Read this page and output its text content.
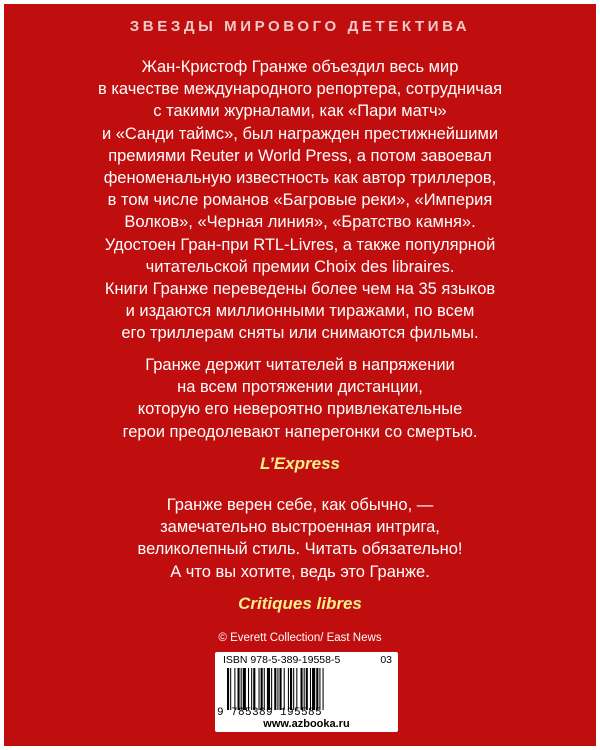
ЗВЕЗДЫ МИРОВОГО ДЕТЕКТИВА
Жан-Кристоф Гранже объездил весь мир
в качестве международного репортера, сотрудничая
с такими журналами, как «Пари матч»
и «Санди таймс», был награжден престижнейшими
премиями Reuter и World Press, а потом завоевал
феноменальную известность как автор триллеров,
в том числе романов «Багровые реки», «Империя
Волков», «Черная линия», «Братство камня».
Удостоен Гран-при RTL-Livres, а также популярной
читательской премии Choix des libraires.
Книги Гранже переведены более чем на 35 языков
и издаются миллионными тиражами, по всем
его триллерам сняты или снимаются фильмы.
Гранже держит читателей в напряжении
на всем протяжении дистанции,
которую его невероятно привлекательные
герои преодолевают наперегонки со смертью.
L’Express
Гранже верен себе, как обычно, —
замечательно выстроенная интрига,
великолепный стиль. Читать обязательно!
А что вы хотите, ведь это Гранже.
Critiques libres
© Everett Collection/ East News
ISBN 978-5-389-19558-5	03
9 785389 195585
www.azbooka.ru
